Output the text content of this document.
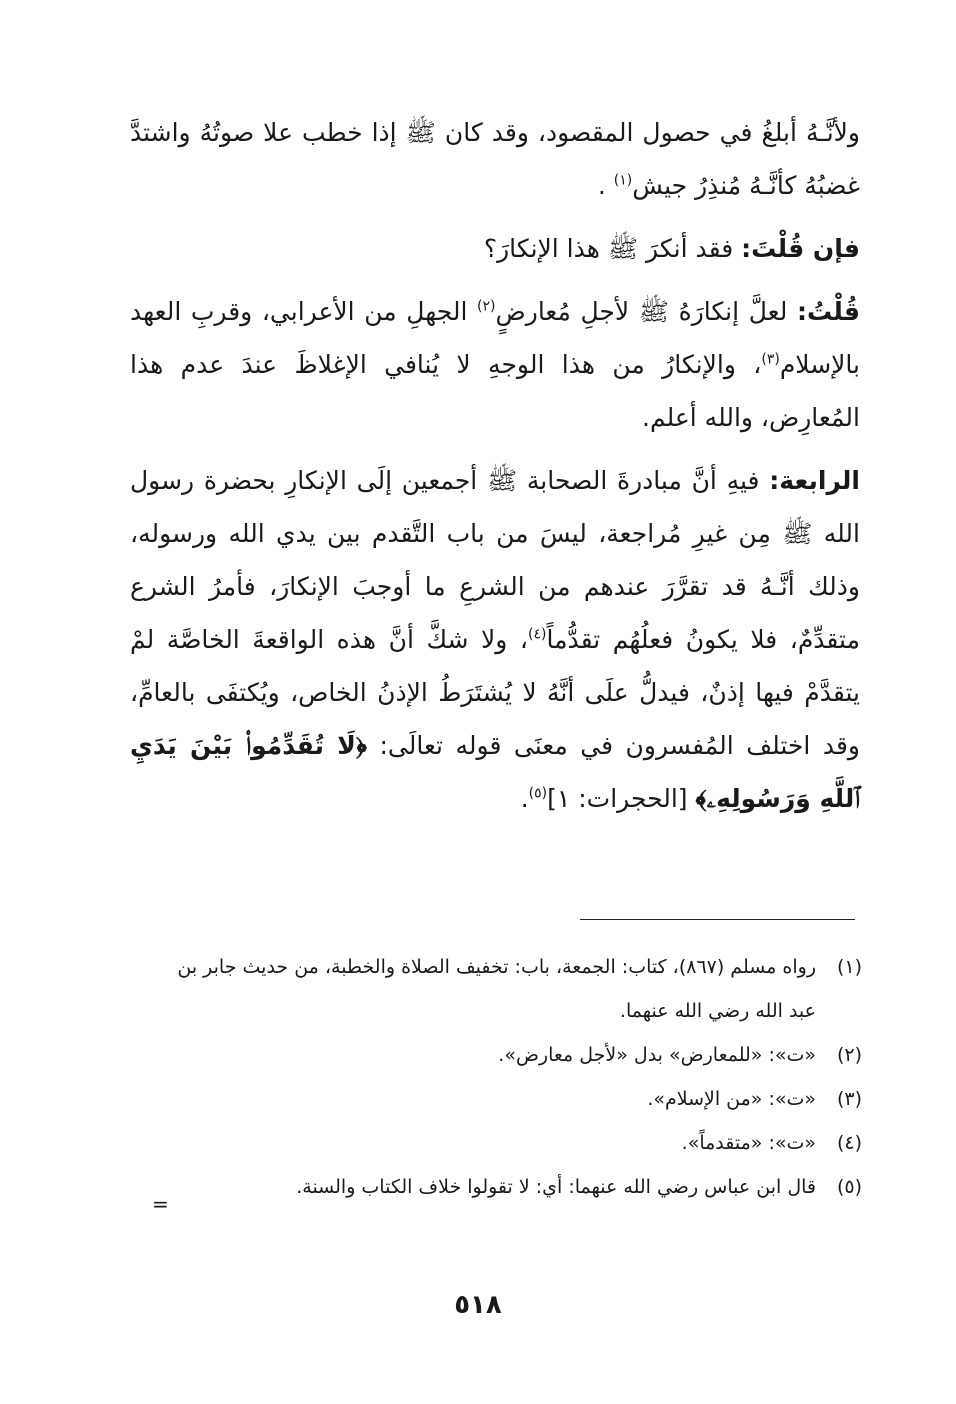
ولأنَّـهُ أبلغُ في حصول المقصود، وقد كان ﷺ إذا خطب علا صوتُهُ واشتدَّ غضبُهُ كأنَّـهُ مُنذِرُ جيش$^{(١)}$ .

فإن قُلْتَ: فقد أنكرَ ﷺ هذا الإنكارَ؟

قُلْتُ: لعلَّ إنكارَهُ ﷺ لأجلِ مُعارضٍ$^{(٢)}$ الجهلِ من الأعرابي، وقربِ العهد بالإسلام$^{(٣)}$، والإنكارُ من هذا الوجهِ لا يُنافي الإغلاظَ عندَ عدم هذا المُعارِض، والله أعلم.

الرابعة: فيهِ أنَّ مبادرةَ الصحابة ﷺ أجمعين إلَى الإنكارِ بحضرة رسول الله ﷺ مِن غيرِ مُراجعة، ليسَ من باب التَّقدم بين يدي الله ورسوله، وذلك أنَّـهُ قد تقرَّرَ عندهم من الشرعِ ما أوجبَ الإنكارَ، فأمرُ الشرع متقدِّمٌ، فلا يكونُ فعلُهُم تقدُّماً$^{(٤)}$، ولا شكَّ أنَّ هذه الواقعةَ الخاصَّة لمْ يتقدَّمْ فيها إذنٌ، فيدلُّ علَى أنَّهُ لا يُشتَرَطُ الإذنُ الخاص، ويُكتفَى بالعامِّ، وقد اختلف المُفسرون في معنَى قوله تعالَى: ﴿لَا تُقَدِّمُوا۟ بَيْنَ يَدَيِ ٱللَّهِ وَرَسُولِهِۦ﴾ [الحجرات: ١]$^{(٥)}$.

(١)رواه مسلم (٨٦٧)، كتاب: الجمعة، باب: تخفيف الصلاة والخطبة، من حديث جابر بن عبد الله رضي الله عنهما.

(٢)«ت»: «للمعارض» بدل «لأجل معارض».

(٣)«ت»: «من الإسلام».

(٤)«ت»: «متقدماً».

(٥)قال ابن عباس رضي الله عنهما: أي: لا تقولوا خلاف الكتاب والسنة.

=
٥١٨
